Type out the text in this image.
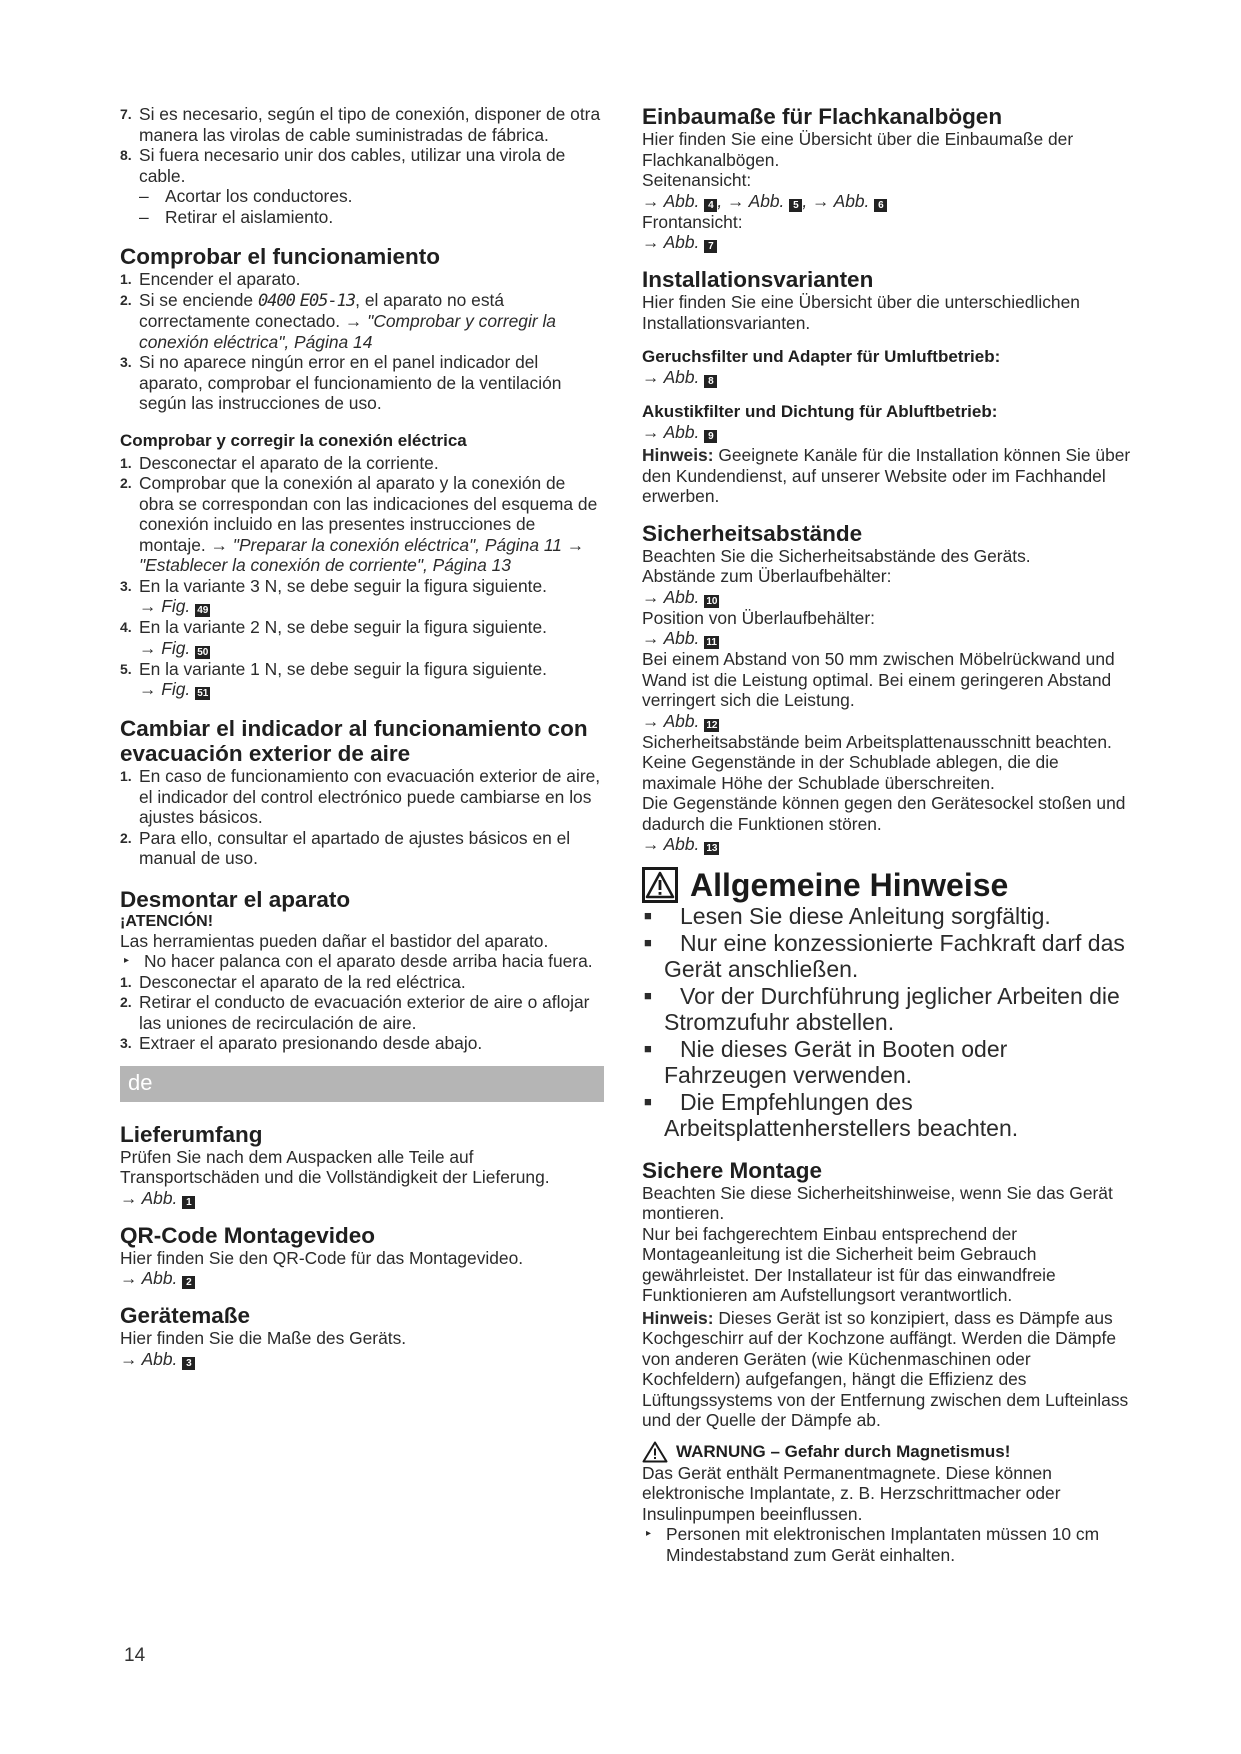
7. Si es necesario, según el tipo de conexión, disponer de otra manera las virolas de cable suministradas de fábrica.
8. Si fuera necesario unir dos cables, utilizar una virola de cable.
– Acortar los conductores.
– Retirar el aislamiento.
Comprobar el funcionamiento
1. Encender el aparato.
2. Si se enciende 0400 E05-13, el aparato no está correctamente conectado. → "Comprobar y corregir la conexión eléctrica", Página 14
3. Si no aparece ningún error en el panel indicador del aparato, comprobar el funcionamiento de la ventilación según las instrucciones de uso.
Comprobar y corregir la conexión eléctrica
1. Desconectar el aparato de la corriente.
2. Comprobar que la conexión al aparato y la conexión de obra se correspondan con las indicaciones del esquema de conexión incluido en las presentes instrucciones de montaje. → "Preparar la conexión eléctrica", Página 11 → "Establecer la conexión de corriente", Página 13
3. En la variante 3 N, se debe seguir la figura siguiente.
→ Fig. 49
4. En la variante 2 N, se debe seguir la figura siguiente.
→ Fig. 50
5. En la variante 1 N, se debe seguir la figura siguiente.
→ Fig. 51
Cambiar el indicador al funcionamiento con evacuación exterior de aire
1. En caso de funcionamiento con evacuación exterior de aire, el indicador del control electrónico puede cambiarse en los ajustes básicos.
2. Para ello, consultar el apartado de ajustes básicos en el manual de uso.
Desmontar el aparato
¡ATENCIÓN!

Las herramientas pueden dañar el bastidor del aparato.

▸ No hacer palanca con el aparato desde arriba hacia fuera.
1. Desconectar el aparato de la red eléctrica.
2. Retirar el conducto de evacuación exterior de aire o aflojar las uniones de recirculación de aire.
3. Extraer el aparato presionando desde abajo.
de
Lieferumfang

Prüfen Sie nach dem Auspacken alle Teile auf Transportschäden und die Vollständigkeit der Lieferung.

→ Abb. 1

QR-Code Montagevideo

Hier finden Sie den QR-Code für das Montagevideo.

→ Abb. 2

Gerätemaße

Hier finden Sie die Maße des Geräts.

→ Abb. 3

Einbaumaße für Flachkanalbögen

Hier finden Sie eine Übersicht über die Einbaumaße der Flachkanalbögen.

Seitenansicht:

→ Abb. 4 , → Abb. 5 , → Abb. 6

Frontansicht:

→ Abb. 7

Installationsvarianten

Hier finden Sie eine Übersicht über die unterschiedlichen Installationsvarianten.

Geruchsfilter und Adapter für Umluftbetrieb:

→ Abb. 8

Akustikfilter und Dichtung für Abluftbetrieb:

→ Abb. 9

Hinweis: Geeignete Kanäle für die Installation können Sie über den Kundendienst, auf unserer Website oder im Fachhandel erwerben.

Sicherheitsabstände

Beachten Sie die Sicherheitsabstände des Geräts.

Abstände zum Überlaufbehälter:

→ Abb. 10

Position von Überlaufbehälter:

→ Abb. 11

Bei einem Abstand von 50 mm zwischen Möbelrückwand und Wand ist die Leistung optimal. Bei einem geringeren Abstand verringert sich die Leistung.

→ Abb. 12

Sicherheitsabstände beim Arbeitsplattenausschnitt beachten.

Keine Gegenstände in der Schublade ablegen, die die maximale Höhe der Schublade überschreiten.

Die Gegenstände können gegen den Gerätesockel stoßen und dadurch die Funktionen stören.

→ Abb. 13

Allgemeine Hinweise
■	Lesen Sie diese Anleitung sorgfältig.
■	Nur eine konzessionierte Fachkraft darf das Gerät anschließen.
■	Vor der Durchführung jeglicher Arbeiten die Stromzufuhr abstellen.
■	Nie dieses Gerät in Booten oder Fahrzeugen verwenden.
■	Die Empfehlungen des Arbeitsplattenherstellers beachten.
Sichere Montage

Beachten Sie diese Sicherheitshinweise, wenn Sie das Gerät montieren.

Nur bei fachgerechtem Einbau entsprechend der Montageanleitung ist die Sicherheit beim Gebrauch gewährleistet. Der Installateur ist für das einwandfreie Funktionieren am Aufstellungsort verantwortlich.

Hinweis: Dieses Gerät ist so konzipiert, dass es Dämpfe aus Kochgeschirr auf der Kochzone auffängt. Werden die Dämpfe von anderen Geräten (wie Küchenmaschinen oder Kochfeldern) aufgefangen, hängt die Effizienz des Lüftungssystems von der Entfernung zwischen dem Lufteinlass und der Quelle der Dämpfe ab.

WARNUNG – Gefahr durch Magnetismus!

Das Gerät enthält Permanentmagnete. Diese können elektronische Implantate, z. B. Herzschrittmacher oder Insulinpumpen beeinflussen.

▸ Personen mit elektronischen Implantaten müssen 10 cm Mindestabstand zum Gerät einhalten.
14
